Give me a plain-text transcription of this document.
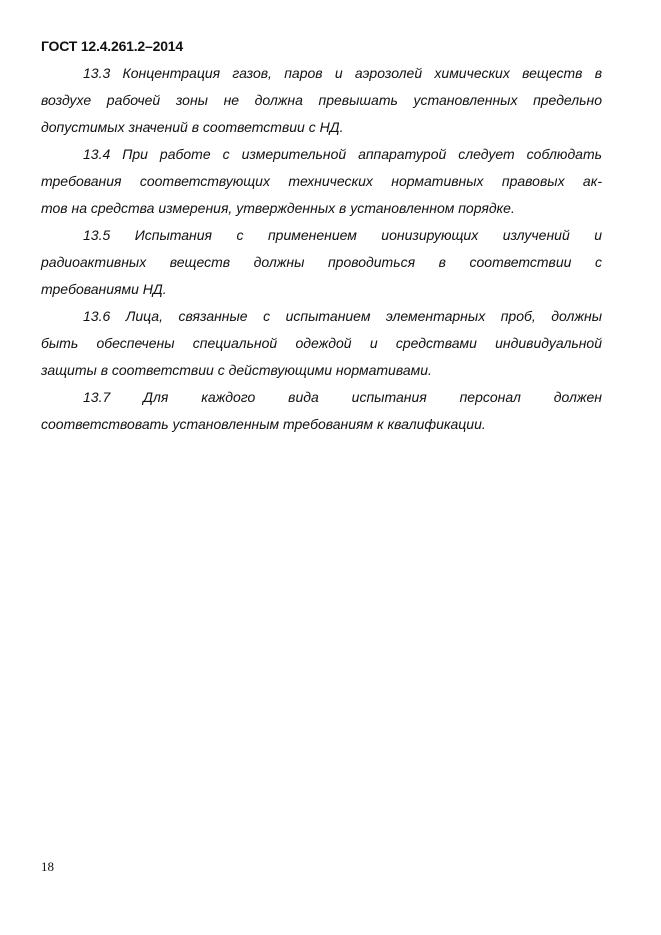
ГОСТ 12.4.261.2–2014
13.3 Концентрация газов, паров и аэрозолей химических веществ в
воздухе рабочей зоны не должна превышать установленных предельно
допустимых значений в соответствии с НД.
13.4 При работе с измерительной аппаратурой следует соблюдать
требования соответствующих технических нормативных правовых ак-
тов на средства измерения, утвержденных в установленном порядке.
13.5 Испытания с применением ионизирующих излучений и
радиоактивных веществ должны проводиться в соответствии с
требованиями НД.
13.6 Лица, связанные с испытанием элементарных проб, должны
быть обеспечены специальной одеждой и средствами индивидуальной
защиты в соответствии с действующими нормативами.
13.7 Для каждого вида испытания персонал должен
соответствовать установленным требованиям к квалификации.
18
